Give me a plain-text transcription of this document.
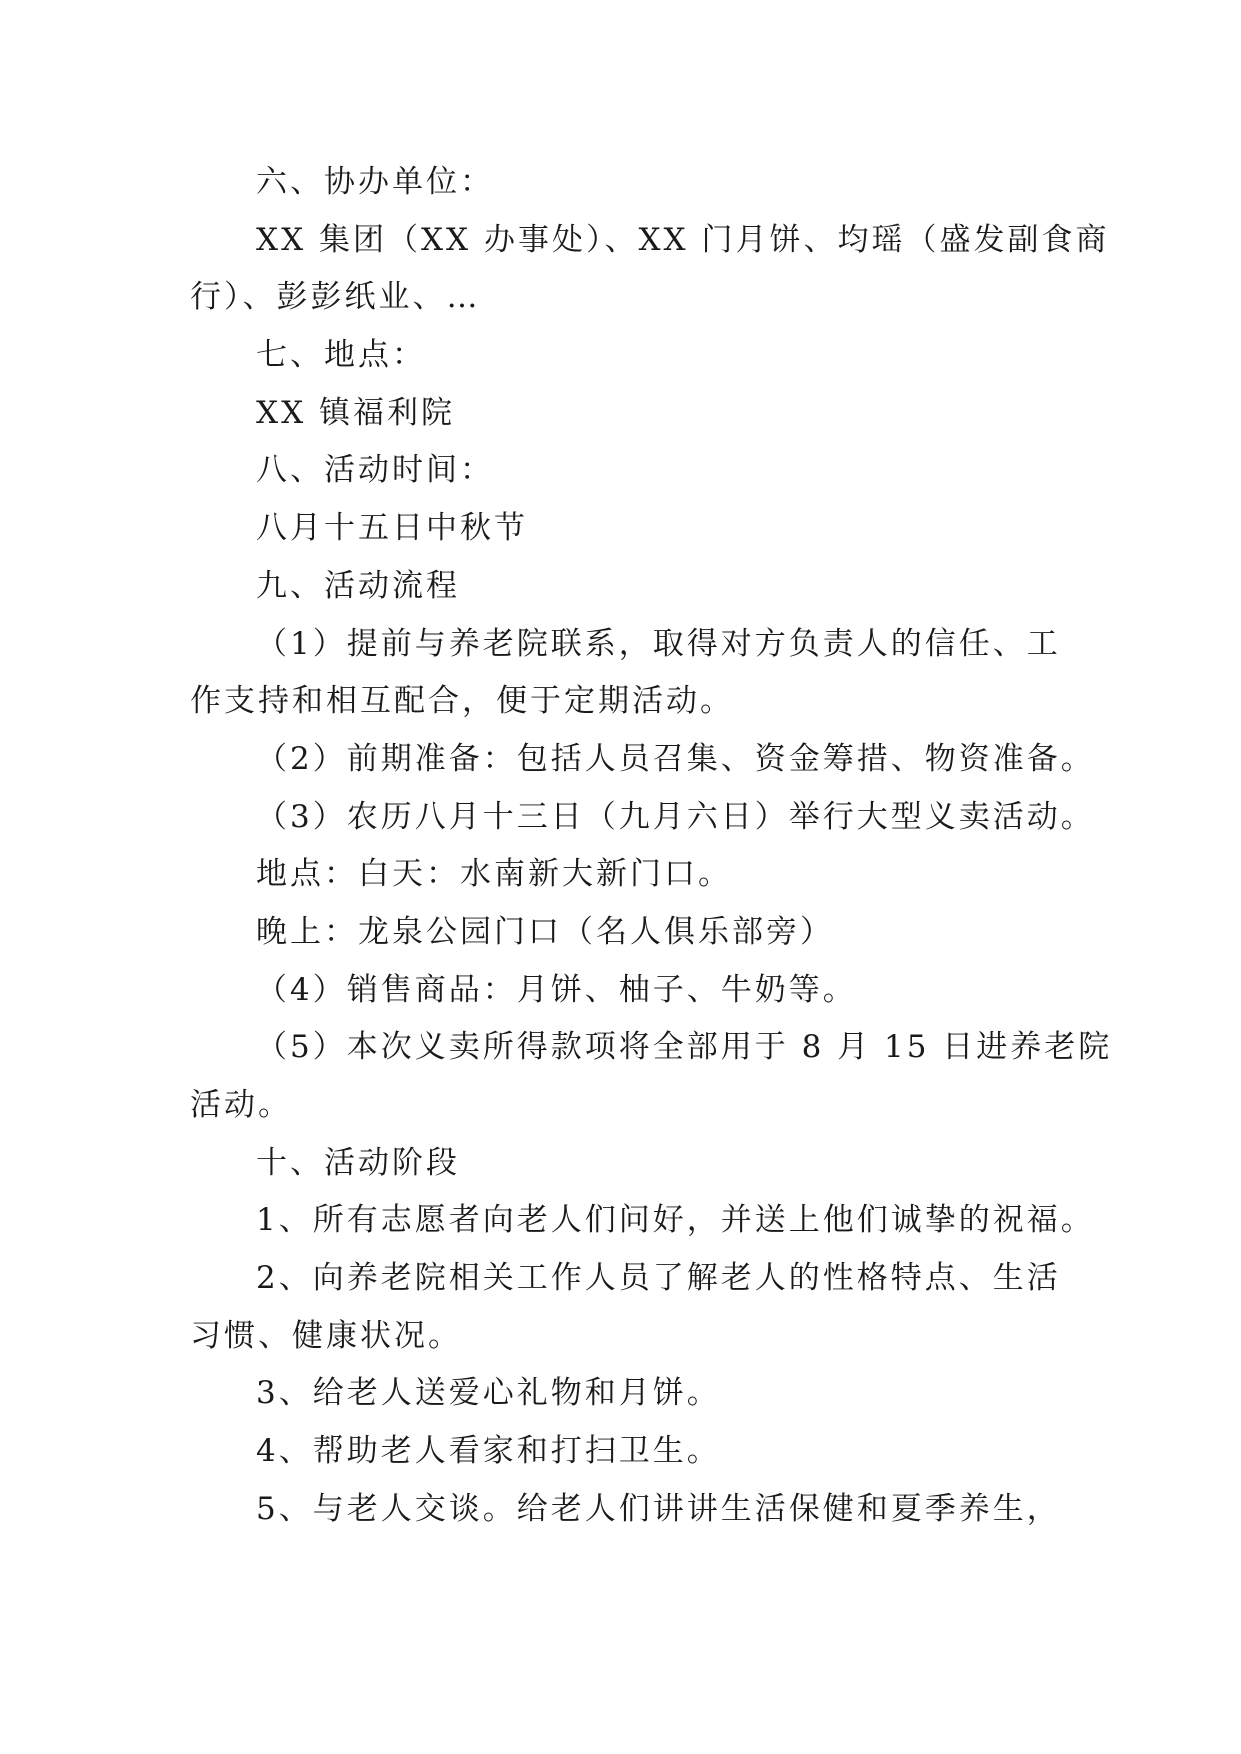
六、协办单位：
XX 集团（XX 办事处）、XX 门月饼、均瑶（盛发副食商
行）、彭彭纸业、…
七、地点：
XX 镇福利院
八、活动时间：
八月十五日中秋节
九、活动流程
（1）提前与养老院联系，取得对方负责人的信任、工
作支持和相互配合，便于定期活动。
（2）前期准备：包括人员召集、资金筹措、物资准备。
（3）农历八月十三日（九月六日）举行大型义卖活动。
地点：白天：水南新大新门口。
晚上：龙泉公园门口（名人俱乐部旁）
（4）销售商品：月饼、柚子、牛奶等。
（5）本次义卖所得款项将全部用于 8 月 15 日进养老院
活动。
十、活动阶段
1、所有志愿者向老人们问好，并送上他们诚挚的祝福。
2、向养老院相关工作人员了解老人的性格特点、生活
习惯、健康状况。
3、给老人送爱心礼物和月饼。
4、帮助老人看家和打扫卫生。
5、与老人交谈。给老人们讲讲生活保健和夏季养生，
